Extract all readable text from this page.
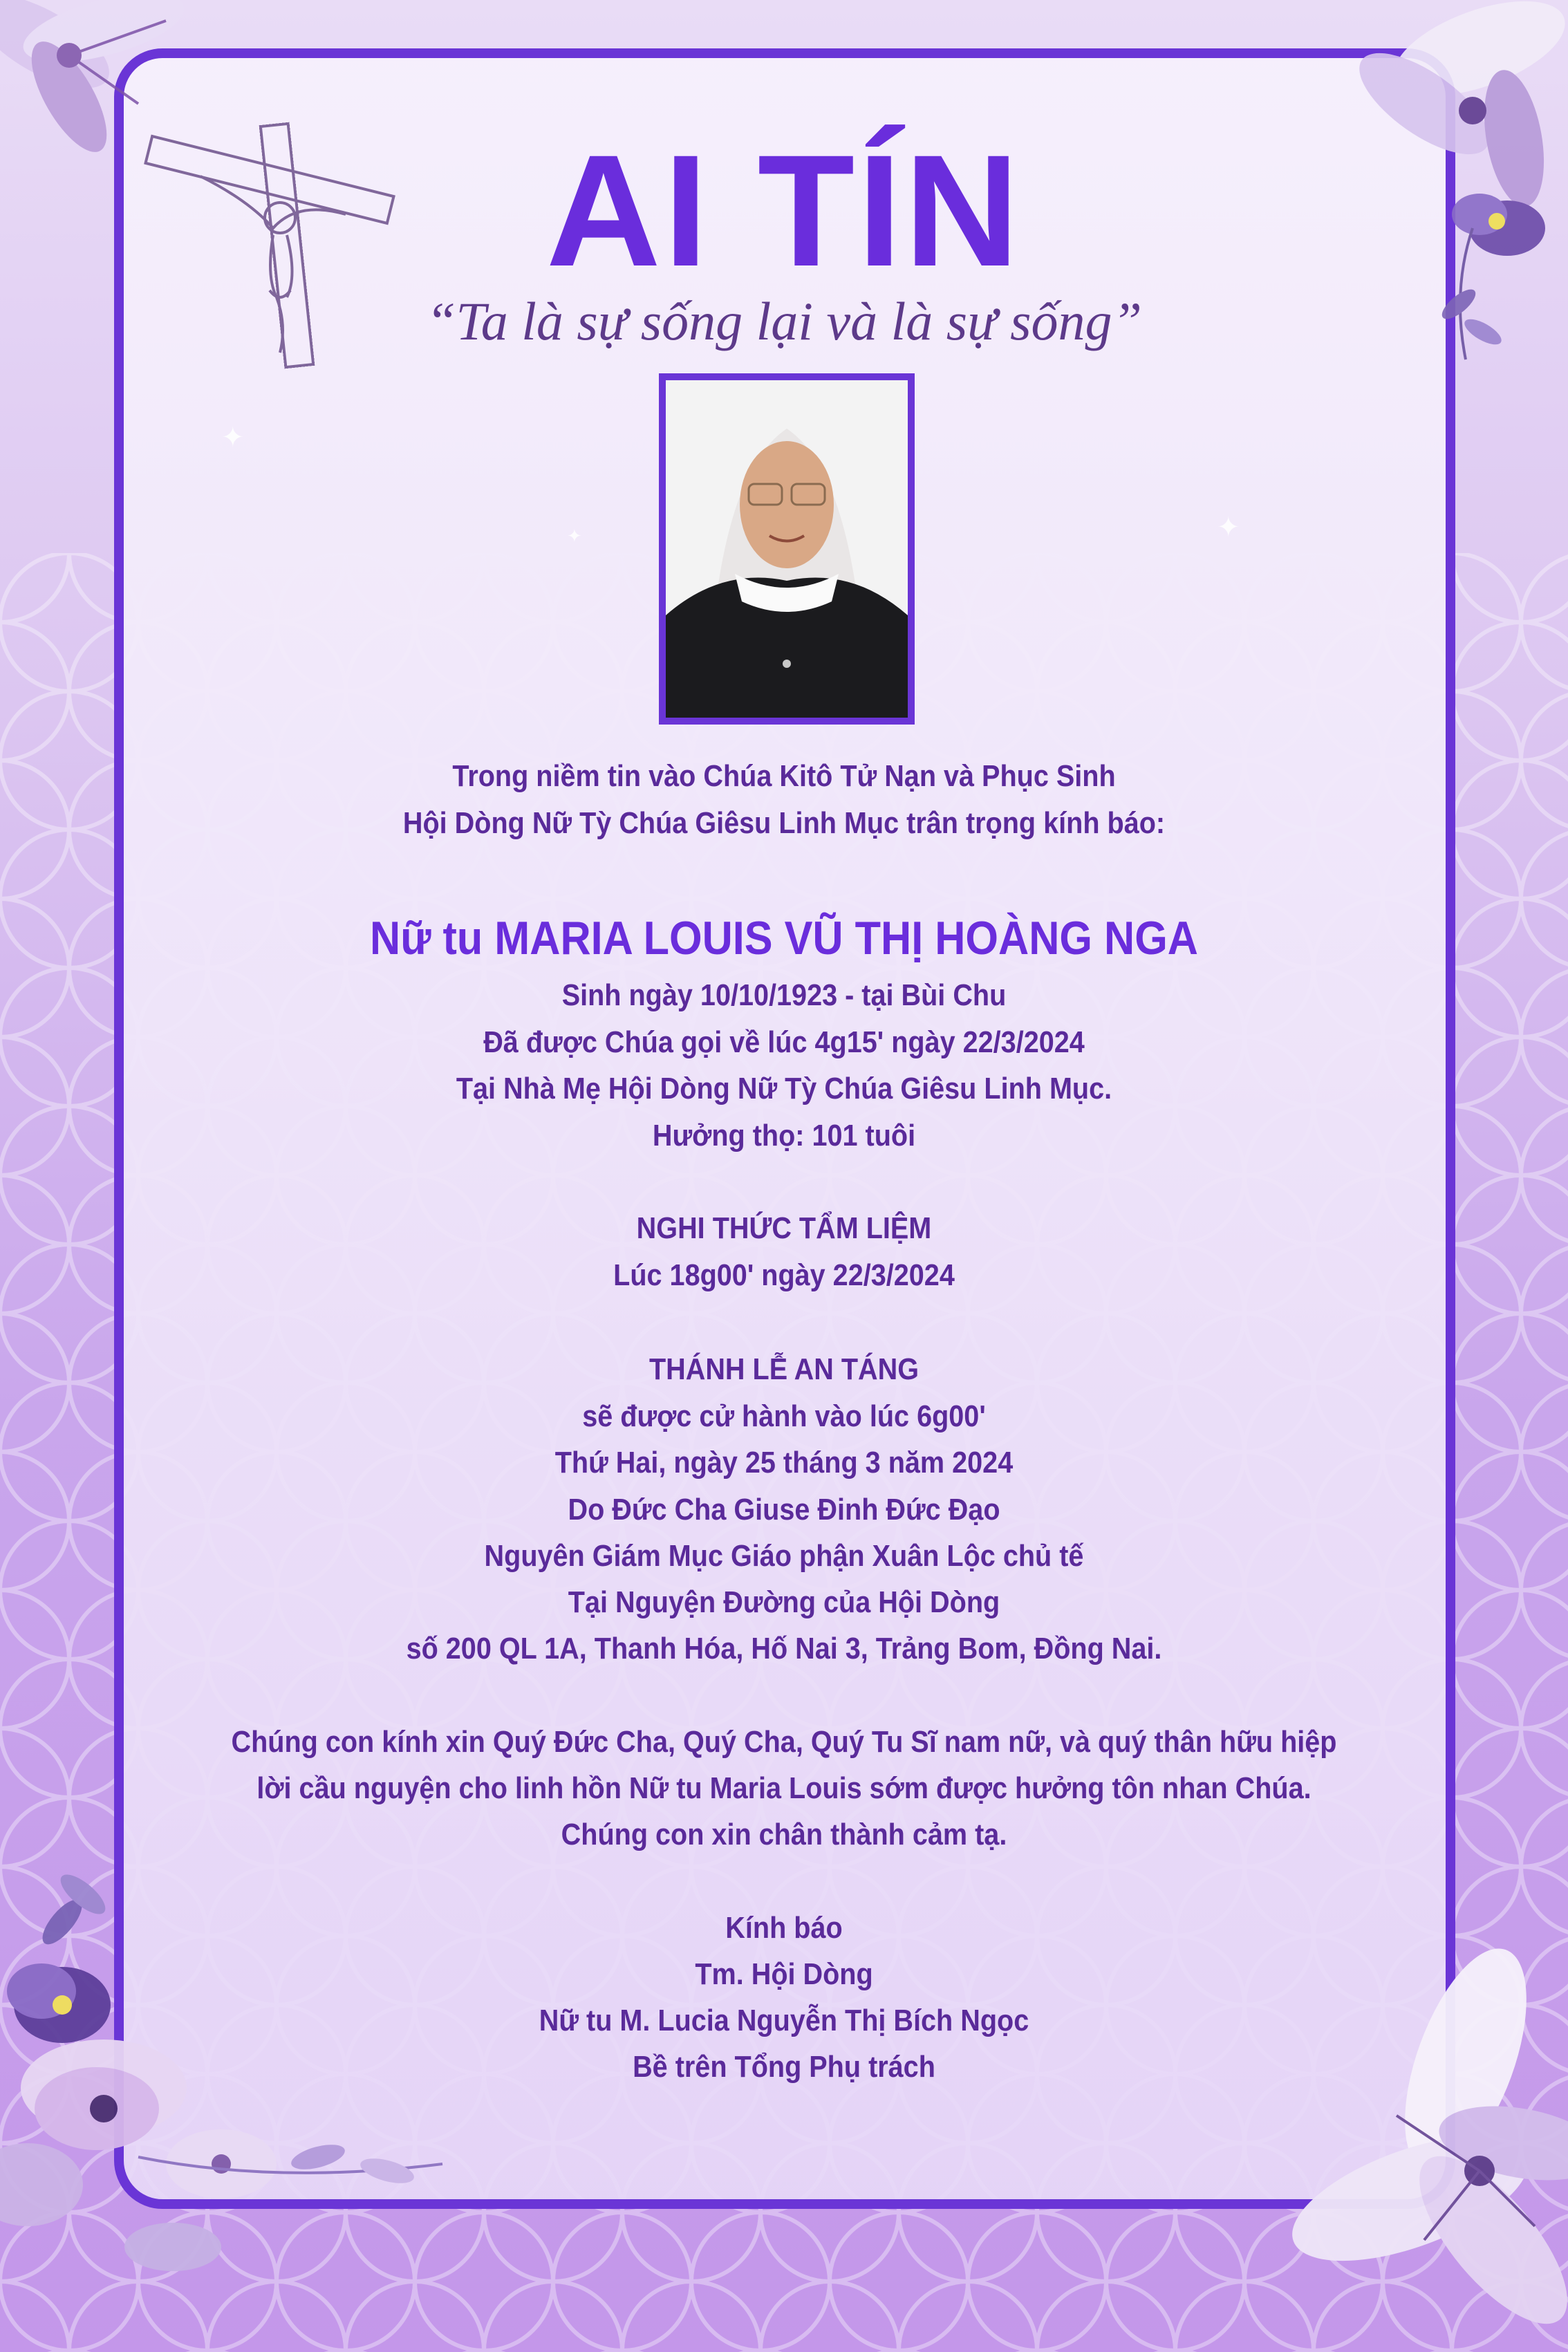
✦
✦
✦
AI TÍN
“Ta là sự sống lại và là sự sống”
Trong niềm tin vào Chúa Kitô Tử Nạn và Phục Sinh
Hội Dòng Nữ Tỳ Chúa Giêsu Linh Mục trân trọng kính báo:
Nữ tu MARIA LOUIS VŨ THỊ HOÀNG NGA
Sinh ngày 10/10/1923 - tại Bùi Chu
Đã được Chúa gọi về lúc 4g15' ngày 22/3/2024
Tại Nhà Mẹ Hội Dòng Nữ Tỳ Chúa Giêsu Linh Mục.
Hưởng thọ: 101 tuôi
NGHI THỨC TẨM LIỆM
Lúc 18g00' ngày 22/3/2024
THÁNH LỄ AN TÁNG
sẽ được cử hành vào lúc 6g00'
Thứ Hai, ngày 25 tháng 3 năm 2024
Do Đức Cha Giuse Đinh Đức Đạo
Nguyên Giám Mục Giáo phận Xuân Lộc chủ tế
Tại Nguyện Đường của Hội Dòng
số 200 QL 1A, Thanh Hóa, Hố Nai 3, Trảng Bom, Đồng Nai.
Chúng con kính xin Quý Đức Cha, Quý Cha, Quý Tu Sĩ nam nữ, và quý thân hữu hiệp
lời cầu nguyện cho linh hồn Nữ tu Maria Louis sớm được hưởng tôn nhan Chúa.
Chúng con xin chân thành cảm tạ.
Kính báo
Tm. Hội Dòng
Nữ tu M. Lucia Nguyễn Thị Bích Ngọc
Bề trên Tổng Phụ trách
